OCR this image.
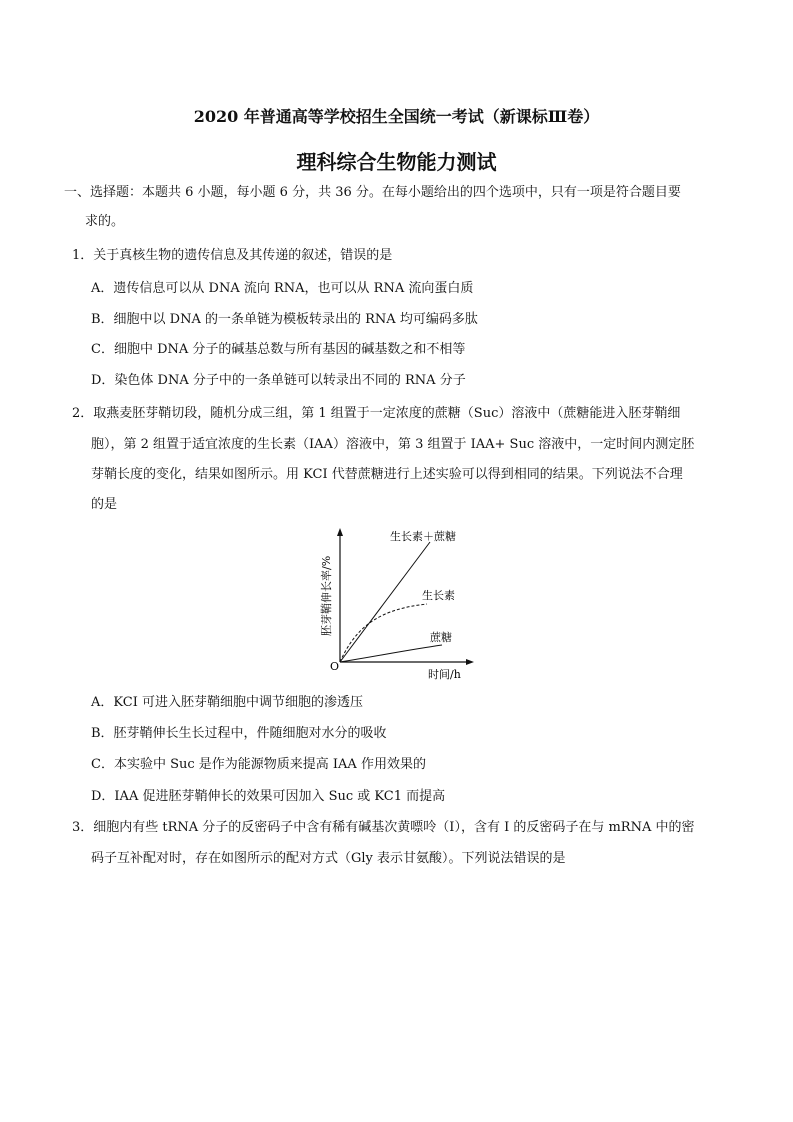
2020 年普通高等学校招生全国统一考试（新课标Ⅲ卷）
理科综合生物能力测试
一、选择题：本题共 6 小题，每小题 6 分，共 36 分。在每小题给出的四个选项中，只有一项是符合题目要
求的。
1．关于真核生物的遗传信息及其传递的叙述，错误的是
A．遗传信息可以从 DNA 流向 RNA，也可以从 RNA 流向蛋白质
B．细胞中以 DNA 的一条单链为模板转录出的 RNA 均可编码多肽
C．细胞中 DNA 分子的碱基总数与所有基因的碱基数之和不相等
D．染色体 DNA 分子中的一条单链可以转录出不同的 RNA 分子
2．取燕麦胚芽鞘切段，随机分成三组，第 1 组置于一定浓度的蔗糖（Suc）溶液中（蔗糖能进入胚芽鞘细
胞），第 2 组置于适宜浓度的生长素（IAA）溶液中，第 3 组置于 IAA+ Suc 溶液中，一定时间内测定胚
芽鞘长度的变化，结果如图所示。用 KCI 代替蔗糖进行上述实验可以得到相同的结果。下列说法不合理
的是
生长素＋蔗糖
生长素
蔗糖
O
时间/h
胚芽鞘伸长率/%
A．KCI 可进入胚芽鞘细胞中调节细胞的渗透压
B．胚芽鞘伸长生长过程中，件随细胞对水分的吸收
C．本实验中 Suc 是作为能源物质来提高 IAA 作用效果的
D．IAA 促进胚芽鞘伸长的效果可因加入 Suc 或 KC1 而提高
3．细胞内有些 tRNA 分子的反密码子中含有稀有碱基次黄嘌呤（I），含有 I 的反密码子在与 mRNA 中的密
码子互补配对时，存在如图所示的配对方式（Gly 表示甘氨酸）。下列说法错误的是
